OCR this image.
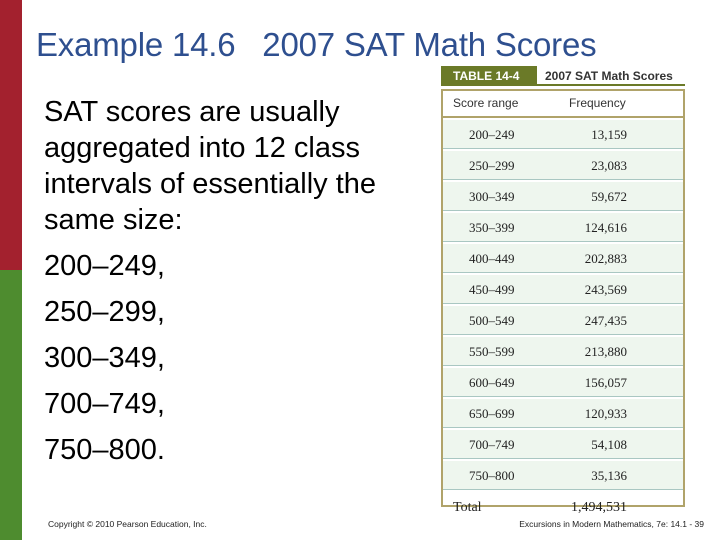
Example 14.6   2007 SAT Math Scores

SAT scores are usually aggregated into 12 class intervals of essentially the same size:

200–249,
250–299,
300–349,
700–749,
750–800.
TABLE 14-4	2007 SAT Math Scores
Score range	Frequency
200–249	13,159
250–299	23,083
300–349	59,672
350–399	124,616
400–449	202,883
450–499	243,569
500–549	247,435
550–599	213,880
600–649	156,057
650–699	120,933
700–749	54,108
750–800	35,136
Total	1,494,531
Copyright © 2010 Pearson Education, Inc.	Excursions in Modern Mathematics, 7e: 14.1 - 39
